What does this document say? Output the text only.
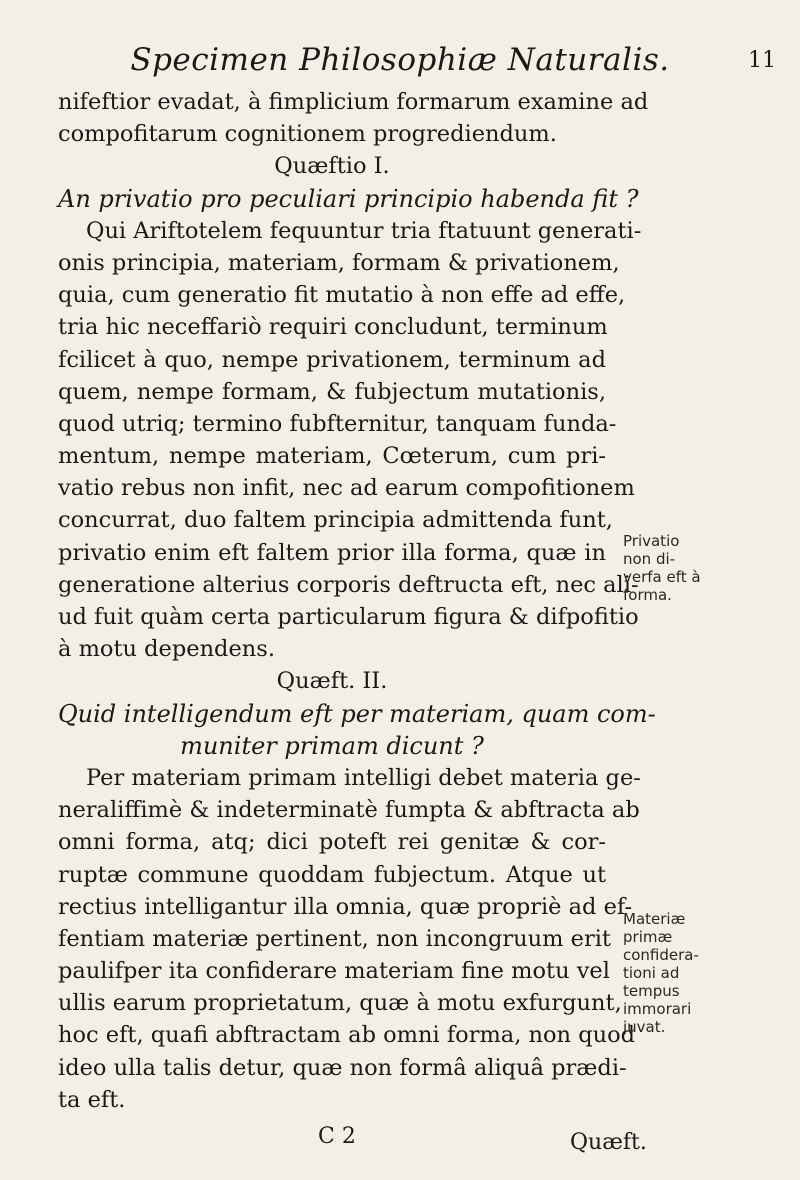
Specimen Philosophiæ Naturalis.	11
nifeftior evadat, à fimplicium formarum examine ad
compofitarum cognitionem progrediendum.
Quæftio I.
An privatio pro peculiari principio habenda fit ?
Qui Ariftotelem fequuntur tria ftatuunt generati-
onis principia, materiam, formam & privationem,
quia, cum generatio fit mutatio à non effe ad effe,
tria hic neceffariò requiri concludunt, terminum
fcilicet à quo, nempe privationem, terminum ad
quem, nempe formam, & fubjectum mutationis,
quod utriq; termino fubfternitur, tanquam funda-
mentum, nempe materiam, Cœterum, cum pri-
vatio rebus non infit, nec ad earum compofitionem
concurrat, duo faltem principia admittenda funt,
privatio enim eft faltem prior illa forma, quæ in
generatione alterius corporis deftructa eft, nec ali-
ud fuit quàm certa particularum figura & difpofitio
à motu dependens.
Quæft. II.
Quid intelligendum eft per materiam, quam com-
muniter primam dicunt ?
Per materiam primam intelligi debet materia ge-
neraliffimè & indeterminatè fumpta & abftracta ab
omni forma, atq; dici poteft rei genitæ & cor-
ruptæ commune quoddam fubjectum. Atque ut
rectius intelligantur illa omnia, quæ propriè ad ef-
fentiam materiæ pertinent, non incongruum erit
paulifper ita confiderare materiam fine motu vel
ullis earum proprietatum, quæ à motu exfurgunt,
hoc eft, quafi abftractam ab omni forma, non quod
ideo ulla talis detur, quæ non formâ aliquâ prædi-
ta eft.
Privatio
non di-
verfa eft à
forma.
Materiæ
primæ
confidera-
tioni ad
tempus
immorari
juvat.
C 2	Quæft.
